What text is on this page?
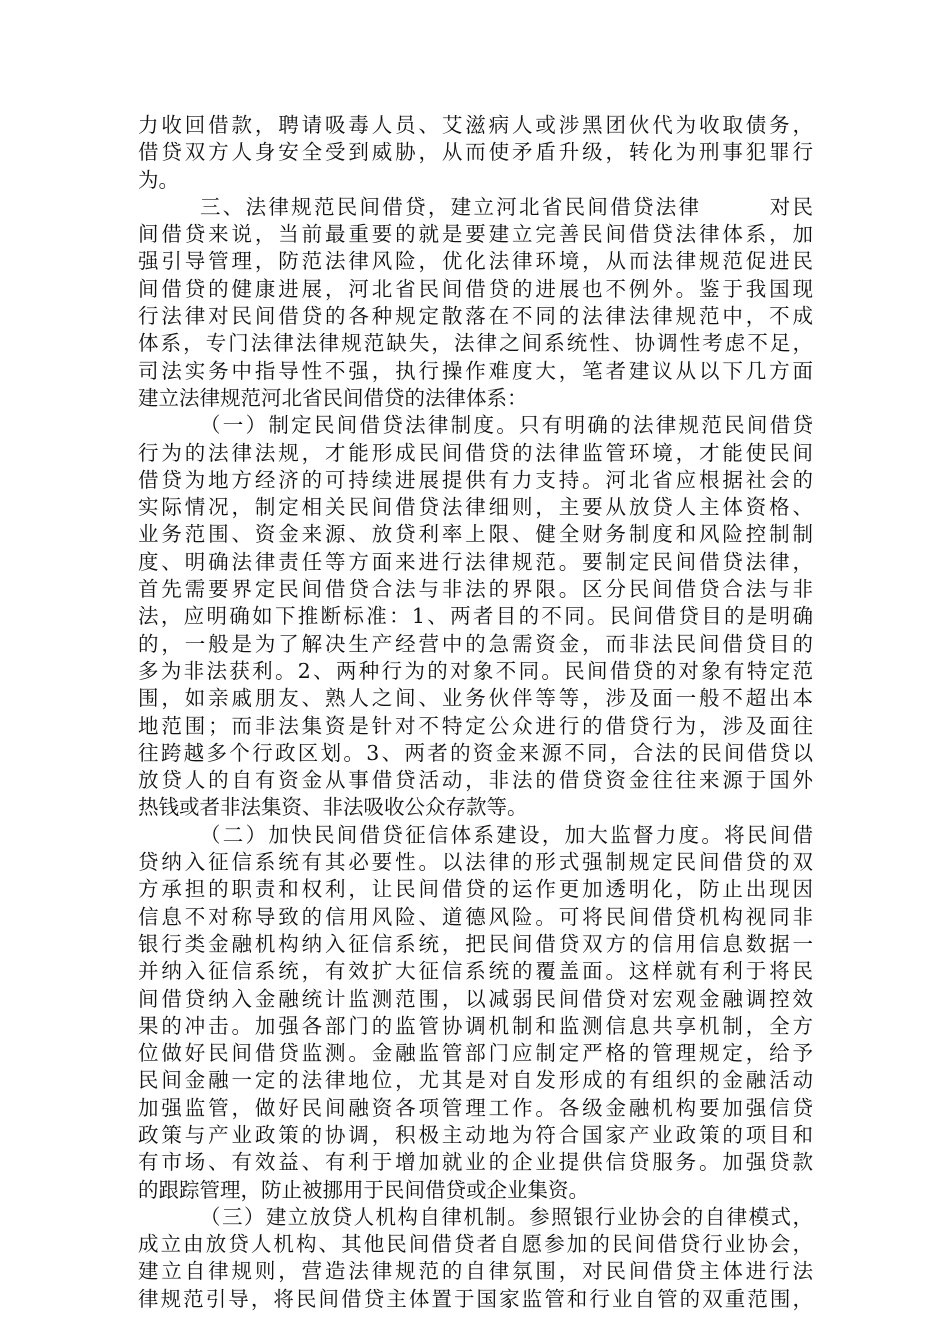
力收回借款，聘请吸毒人员、艾滋病人或涉黑团伙代为收取债务，
借贷双方人身安全受到威胁，从而使矛盾升级，转化为刑事犯罪行
为。
三、法律规范民间借贷，建立河北省民间借贷法律　　　对民
间借贷来说，当前最重要的就是要建立完善民间借贷法律体系，加
强引导管理，防范法律风险，优化法律环境，从而法律规范促进民
间借贷的健康进展，河北省民间借贷的进展也不例外。鉴于我国现
行法律对民间借贷的各种规定散落在不同的法律法律规范中，不成
体系，专门法律法律规范缺失，法律之间系统性、协调性考虑不足，
司法实务中指导性不强，执行操作难度大，笔者建议从以下几方面
建立法律规范河北省民间借贷的法律体系：
（一）制定民间借贷法律制度。只有明确的法律规范民间借贷
行为的法律法规，才能形成民间借贷的法律监管环境，才能使民间
借贷为地方经济的可持续进展提供有力支持。河北省应根据社会的
实际情况，制定相关民间借贷法律细则，主要从放贷人主体资格、
业务范围、资金来源、放贷利率上限、健全财务制度和风险控制制
度、明确法律责任等方面来进行法律规范。要制定民间借贷法律，
首先需要界定民间借贷合法与非法的界限。区分民间借贷合法与非
法，应明确如下推断标准：1、两者目的不同。民间借贷目的是明确
的，一般是为了解决生产经营中的急需资金，而非法民间借贷目的
多为非法获利。2、两种行为的对象不同。民间借贷的对象有特定范
围，如亲戚朋友、熟人之间、业务伙伴等等，涉及面一般不超出本
地范围；而非法集资是针对不特定公众进行的借贷行为，涉及面往
往跨越多个行政区划。3、两者的资金来源不同，合法的民间借贷以
放贷人的自有资金从事借贷活动，非法的借贷资金往往来源于国外
热钱或者非法集资、非法吸收公众存款等。
（二）加快民间借贷征信体系建设，加大监督力度。将民间借
贷纳入征信系统有其必要性。以法律的形式强制规定民间借贷的双
方承担的职责和权利，让民间借贷的运作更加透明化，防止出现因
信息不对称导致的信用风险、道德风险。可将民间借贷机构视同非
银行类金融机构纳入征信系统，把民间借贷双方的信用信息数据一
并纳入征信系统，有效扩大征信系统的覆盖面。这样就有利于将民
间借贷纳入金融统计监测范围，以减弱民间借贷对宏观金融调控效
果的冲击。加强各部门的监管协调机制和监测信息共享机制，全方
位做好民间借贷监测。金融监管部门应制定严格的管理规定，给予
民间金融一定的法律地位，尤其是对自发形成的有组织的金融活动
加强监管，做好民间融资各项管理工作。各级金融机构要加强信贷
政策与产业政策的协调，积极主动地为符合国家产业政策的项目和
有市场、有效益、有利于增加就业的企业提供信贷服务。加强贷款
的跟踪管理，防止被挪用于民间借贷或企业集资。
（三）建立放贷人机构自律机制。参照银行业协会的自律模式，
成立由放贷人机构、其他民间借贷者自愿参加的民间借贷行业协会，
建立自律规则，营造法律规范的自律氛围，对民间借贷主体进行法
律规范引导，将民间借贷主体置于国家监管和行业自管的双重范围，
